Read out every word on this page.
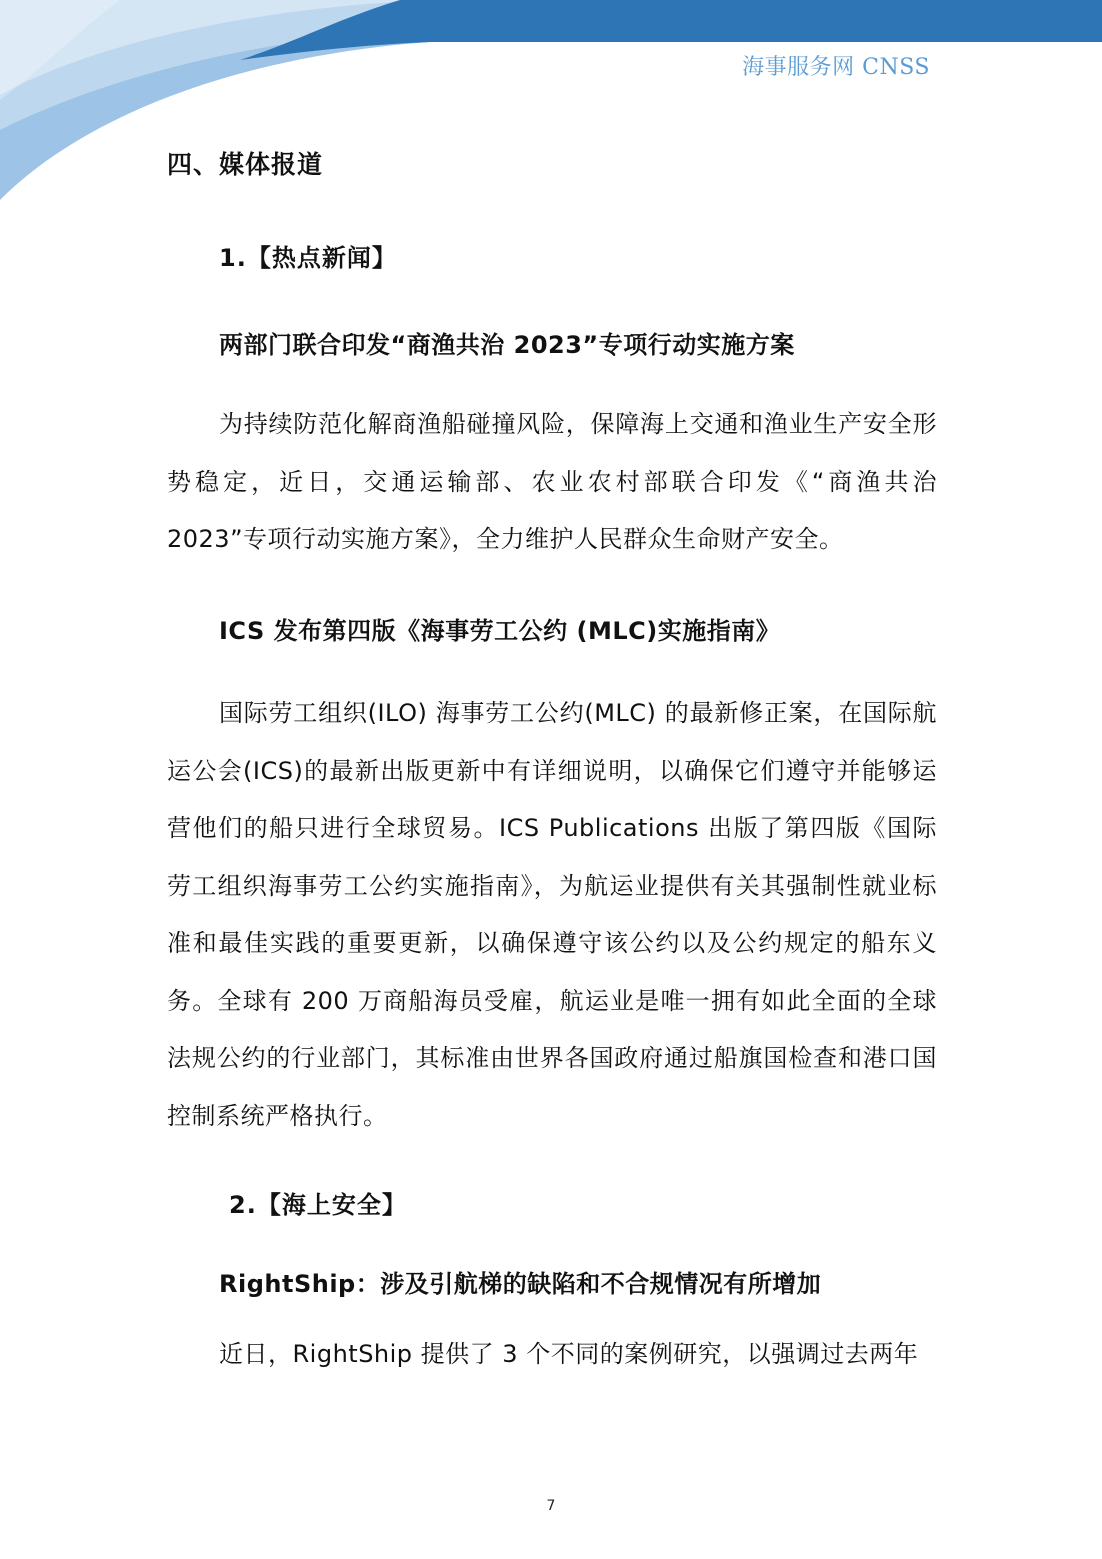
海事服务网 CNSS
四、媒体报道
1.【热点新闻】
两部门联合印发“商渔共治 2023”专项行动实施方案

为持续防范化解商渔船碰撞风险，保障海上交通和渔业生产安全形势稳定，近日，交通运输部、农业农村部联合印发《“商渔共治2023”专项行动实施方案》，全力维护人民群众生命财产安全。

ICS 发布第四版《海事劳工公约 (MLC)实施指南》

国际劳工组织(ILO) 海事劳工公约(MLC) 的最新修正案，在国际航运公会(ICS)的最新出版更新中有详细说明，以确保它们遵守并能够运营他们的船只进行全球贸易。ICS Publications 出版了第四版《国际劳工组织海事劳工公约实施指南》，为航运业提供有关其强制性就业标准和最佳实践的重要更新，以确保遵守该公约以及公约规定的船东义务。全球有 200 万商船海员受雇，航运业是唯一拥有如此全面的全球法规公约的行业部门，其标准由世界各国政府通过船旗国检查和港口国控制系统严格执行。

2.【海上安全】
RightShip：涉及引航梯的缺陷和不合规情况有所增加

近日，RightShip 提供了 3 个不同的案例研究，以强调过去两年

7
